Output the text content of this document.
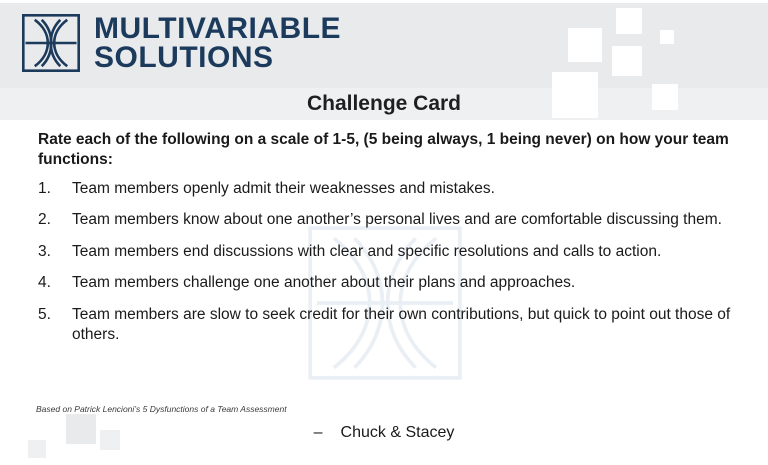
MULTIVARIABLE
SOLUTIONS
Challenge Card

Rate each of the following on a scale of 1-5, (5 being always, 1 being never) on how your team functions:

1.	Team members openly admit their weaknesses and mistakes.
2.	Team members know about one another’s personal lives and are comfortable discussing them.
3.	Team members end discussions with clear and specific resolutions and calls to action.
4.	Team members challenge one another about their plans and approaches.
5.	Team members are slow to seek credit for their own contributions, but quick to point out those of others.
Based on Patrick Lencioni’s 5 Dysfunctions of a Team Assessment
– Chuck & Stacey
